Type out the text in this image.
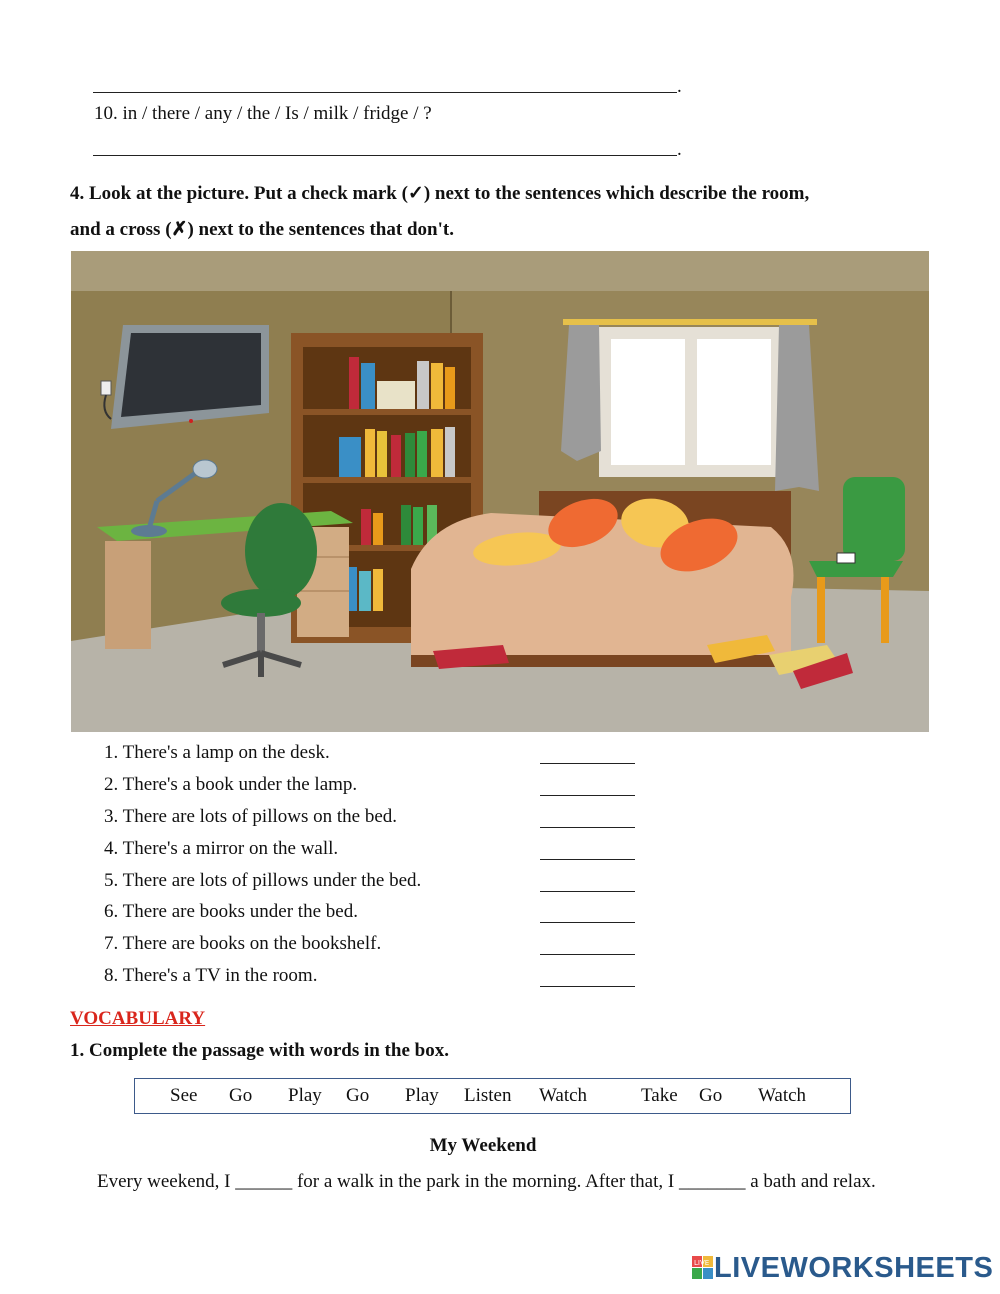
.
10. in / there / any / the / Is / milk / fridge / ?
.
4. Look at the picture. Put a check mark (✓) next to the sentences which describe the room,
and a cross (✗) next to the sentences that don't.
1. There's a lamp on the desk.
2. There's a book under the lamp.
3. There are lots of pillows on the bed.
4. There's a mirror on the wall.
5. There are lots of pillows under the bed.
6. There are books under the bed.
7. There are books on the bookshelf.
8. There's a TV in the room.
VOCABULARY
1. Complete the passage with words in the box.
See Go Play Go Play Listen Watch	Take Go Watch
My Weekend
Every weekend, I ______ for a walk in the park in the morning. After that, I _______ a bath and relax.
LIVE LIVEWORKSHEETS
